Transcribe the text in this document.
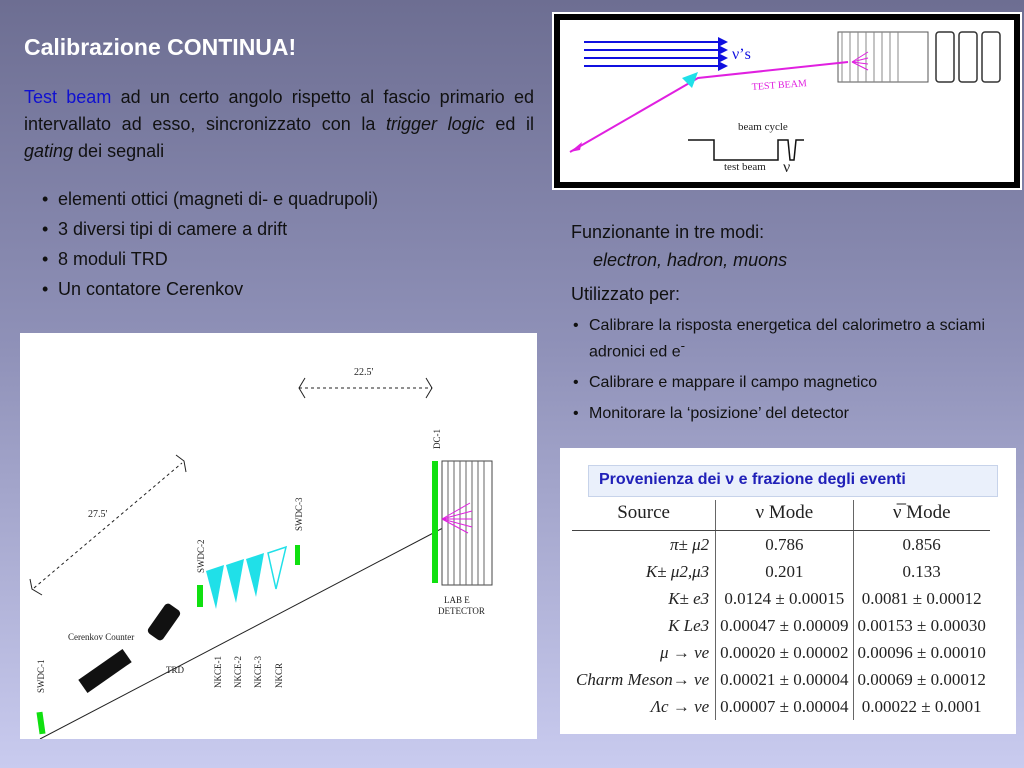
Calibrazione CONTINUA!
Test beam ad un certo angolo rispetto al fascio primario ed intervallato ad esso, sincronizzato con la trigger logic ed il gating dei segnali
• elementi ottici (magneti di- e quadrupoli)
• 3 diversi tipi di camere a drift
• 8 moduli TRD
• Un contatore Cerenkov
Funzionante in tre modi:
electron, hadron, muons
Utilizzato per:
• Calibrare la risposta energetica del calorimetro a sciami adronici ed e-
• Calibrare e mappare il campo magnetico
• Monitorare la ‘posizione’ del detector
ν’s
TEST BEAM
beam cycle
test beam ν
22.5'
27.5'
SWDC-1
Cerenkov Counter
TRD
SWDC-2
NKCE-1 NKCE-2 NKCE-3 NKCR
SWDC-3
DC-1
LAB E
DETECTOR
Provenienza dei ν e frazione degli eventi
Source	ν Mode	ν̅ Mode
π± μ2	0.786	0.856
K± μ2,μ3	0.201	0.133
K± e3	0.0124 ± 0.00015	0.0081 ± 0.00012
K Le3	0.00047 ± 0.00009	0.00153 ± 0.00030
μ → νe	0.00020 ± 0.00002	0.00096 ± 0.00010
Charm Meson→ νe	0.00021 ± 0.00004	0.00069 ± 0.00012
Λc → νe	0.00007 ± 0.00004	0.00022 ± 0.0001
